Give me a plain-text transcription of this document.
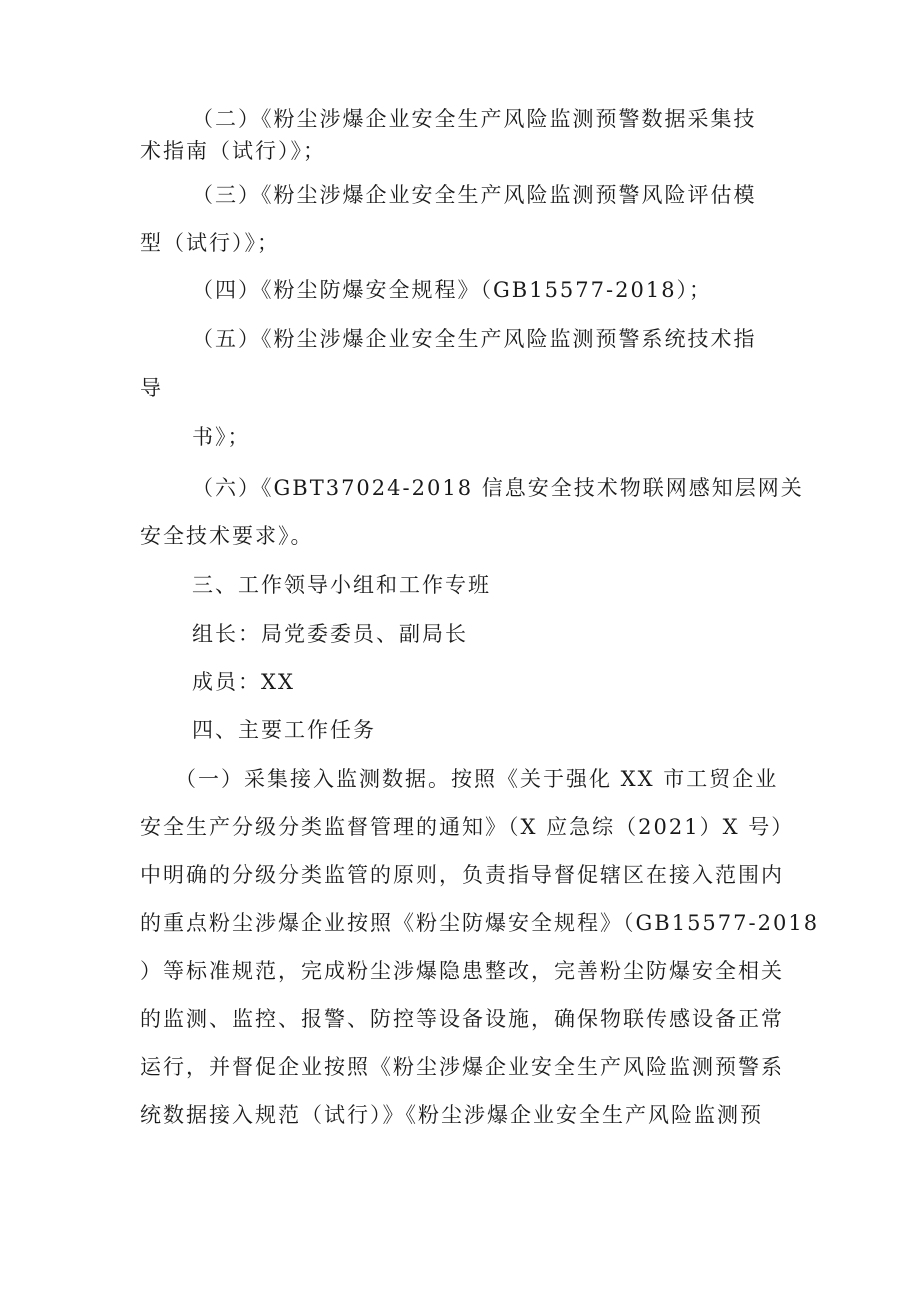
（二）《粉尘涉爆企业安全生产风险监测预警数据采集技
术指南（试行）》；
（三）《粉尘涉爆企业安全生产风险监测预警风险评估模
型（试行）》；
（四）《粉尘防爆安全规程》（GB15577-2018）；
（五）《粉尘涉爆企业安全生产风险监测预警系统技术指
导
书》；
（六）《GBT37024-2018 信息安全技术物联网感知层网关
安全技术要求》。
三、工作领导小组和工作专班
组长：局党委委员、副局长
成员：XX
四、主要工作任务
（一）采集接入监测数据。按照《关于强化 XX 市工贸企业
安全生产分级分类监督管理的通知》（X 应急综（2021）X 号）
中明确的分级分类监管的原则，负责指导督促辖区在接入范围内
的重点粉尘涉爆企业按照《粉尘防爆安全规程》（GB15577-2018
）等标准规范，完成粉尘涉爆隐患整改，完善粉尘防爆安全相关
的监测、监控、报警、防控等设备设施，确保物联传感设备正常
运行，并督促企业按照《粉尘涉爆企业安全生产风险监测预警系
统数据接入规范（试行）》《粉尘涉爆企业安全生产风险监测预
